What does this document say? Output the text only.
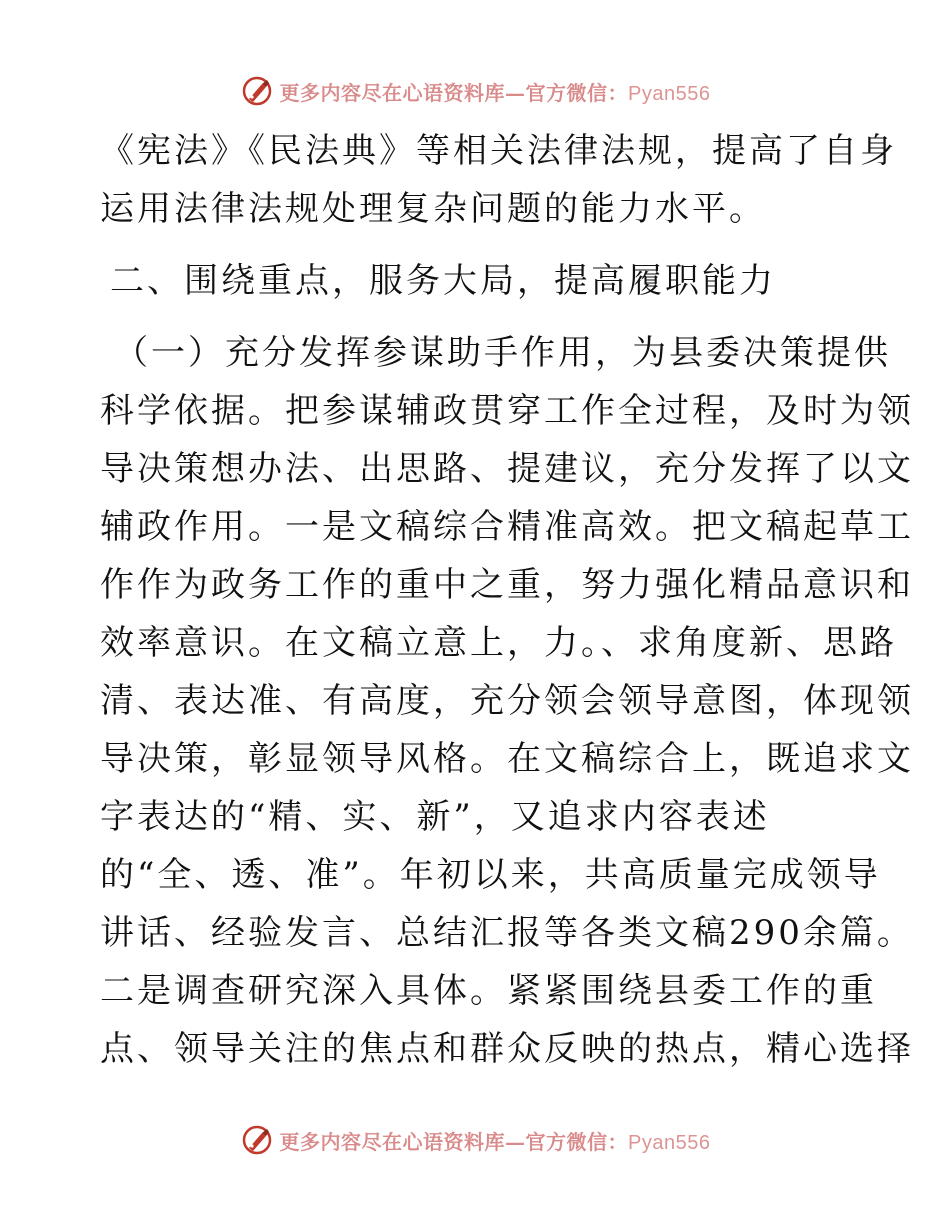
更多内容尽在心语资料库—官方微信：Pyan556
《宪法》《民法典》等相关法律法规，提高了自身
运用法律法规处理复杂问题的能力水平。
二、围绕重点，服务大局，提高履职能力
（一）充分发挥参谋助手作用，为县委决策提供
科学依据。把参谋辅政贯穿工作全过程，及时为领
导决策想办法、出思路、提建议，充分发挥了以文
辅政作用。一是文稿综合精准高效。把文稿起草工
作作为政务工作的重中之重，努力强化精品意识和
效率意识。在文稿立意上，力。、求角度新、思路
清、表达准、有高度，充分领会领导意图，体现领
导决策，彰显领导风格。在文稿综合上，既追求文
字表达的“精、实、新”，又追求内容表述
的“全、透、准”。年初以来，共高质量完成领导
讲话、经验发言、总结汇报等各类文稿290余篇。
二是调查研究深入具体。紧紧围绕县委工作的重
点、领导关注的焦点和群众反映的热点，精心选择
更多内容尽在心语资料库—官方微信：Pyan556
